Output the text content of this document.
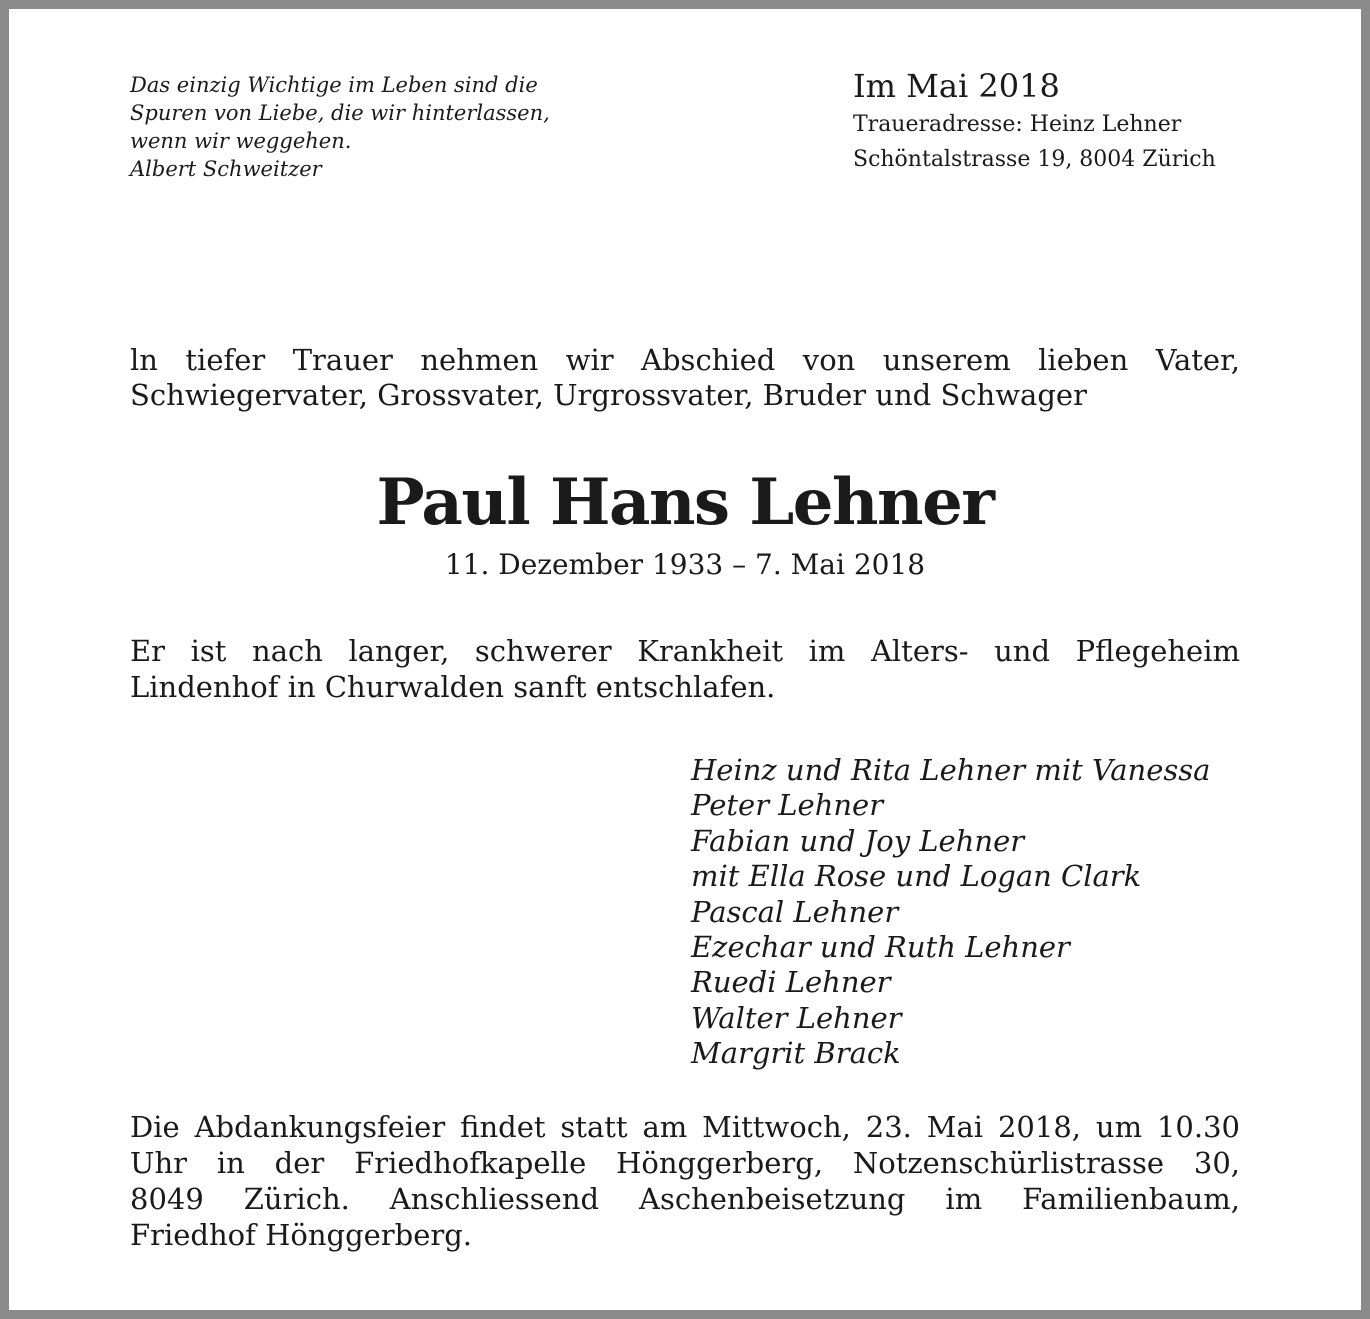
Das einzig Wichtige im Leben sind die
Spuren von Liebe, die wir hinterlassen,
wenn wir weggehen.
Albert Schweitzer
Im Mai 2018
Traueradresse: Heinz Lehner
Schöntalstrasse 19, 8004 Zürich
ln tiefer Trauer nehmen wir Abschied von unserem lieben Vater,
Schwiegervater, Grossvater, Urgrossvater, Bruder und Schwager
Paul Hans Lehner
11. Dezember 1933 – 7. Mai 2018
Er ist nach langer, schwerer Krankheit im Alters- und Pflegeheim
Lindenhof in Churwalden sanft entschlafen.
Heinz und Rita Lehner mit Vanessa
Peter Lehner
Fabian und Joy Lehner
mit Ella Rose und Logan Clark
Pascal Lehner
Ezechar und Ruth Lehner
Ruedi Lehner
Walter Lehner
Margrit Brack
Die Abdankungsfeier findet statt am Mittwoch, 23. Mai 2018, um 10.30
Uhr in der Friedhofkapelle Hönggerberg, Notzenschürlistrasse 30,
8049 Zürich. Anschliessend Aschenbeisetzung im Familienbaum,
Friedhof Hönggerberg.
